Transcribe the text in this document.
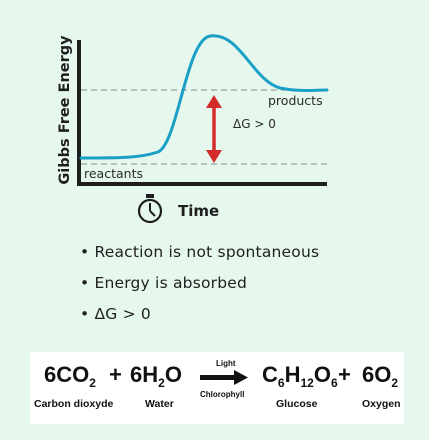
Gibbs Free Energy	products
ΔG > 0
reactants
Time
• Reaction is not spontaneous
• Energy is absorbed
• ΔG > 0
$6CO_2 + 6H_2O$	Light
Chlorophyll
$C_6H_{12}O_6 + 6O_2$
Carbon dioxyde	Water	Glucose	Oxygen
